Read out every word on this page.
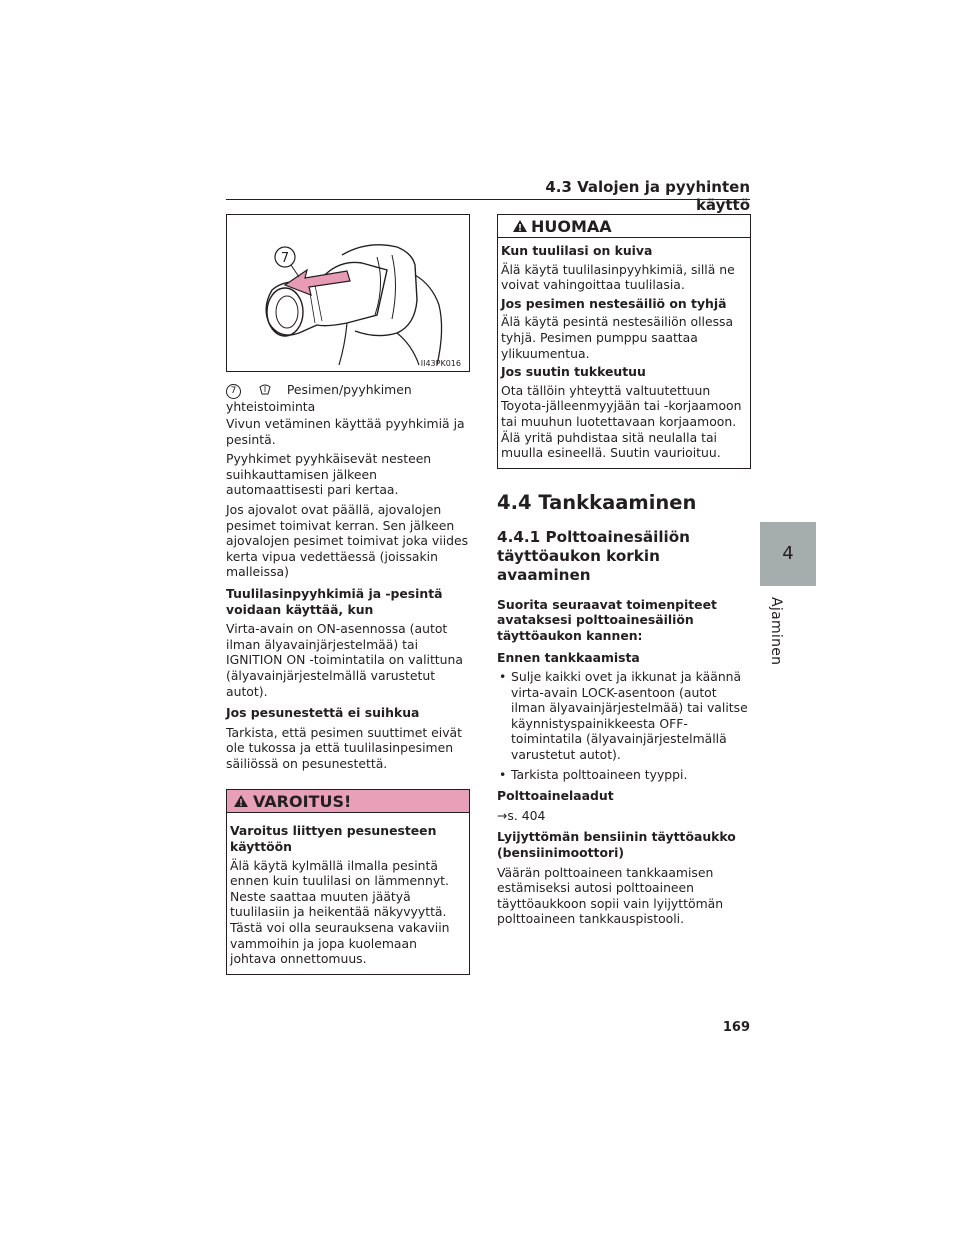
4.3 Valojen ja pyyhinten käyttö
4
Ajaminen
7
II43PK016
7	Pesimen/pyyhkimen yhteistoiminta

Vivun vetäminen käyttää pyyhkimiä ja pesintä.

Pyyhkimet pyyhkäisevät nesteen suihkauttamisen jälkeen automaattisesti pari kertaa.

Jos ajovalot ovat päällä, ajovalojen pesimet toimivat kerran. Sen jälkeen ajovalojen pesimet toimivat joka viides kerta vipua vedettäessä (joissakin malleissa)

Tuulilasinpyyhkimiä ja -pesintä voidaan käyttää, kun

Virta-avain on ON-asennossa (autot ilman älyavainjärjestelmää) tai IGNITION ON -toimintatila on valittuna (älyavainjärjestelmällä varustetut autot).

Jos pesunestettä ei suihkua

Tarkista, että pesimen suuttimet eivät ole tukossa ja että tuulilasinpesimen säiliössä on pesunestettä.

VAROITUS!

Varoitus liittyen pesunesteen käyttöön

Älä käytä kylmällä ilmalla pesintä ennen kuin tuulilasi on lämmennyt. Neste saattaa muuten jäätyä tuulilasiin ja heikentää näkyvyyttä. Tästä voi olla seurauksena vakaviin vammoihin ja jopa kuolemaan johtava onnettomuus.

HUOMAA

Kun tuulilasi on kuiva

Älä käytä tuulilasinpyyhkimiä, sillä ne voivat vahingoittaa tuulilasia.

Jos pesimen nestesäiliö on tyhjä

Älä käytä pesintä nestesäiliön ollessa tyhjä. Pesimen pumppu saattaa ylikuumentua.

Jos suutin tukkeutuu

Ota tällöin yhteyttä valtuutettuun Toyota-jälleenmyyjään tai -korjaamoon tai muuhun luotettavaan korjaamoon. Älä yritä puhdistaa sitä neulalla tai muulla esineellä. Suutin vaurioituu.

4.4 Tankkaaminen
4.4.1 Polttoainesäiliön täyttöaukon korkin avaaminen

Suorita seuraavat toimenpiteet avataksesi polttoainesäiliön täyttöaukon kannen:

Ennen tankkaamista

• Sulje kaikki ovet ja ikkunat ja käännä virta-avain LOCK-asentoon (autot ilman älyavainjärjestelmää) tai valitse käynnistyspainikkeesta OFF-toimintatila (älyavainjärjestelmällä varustetut autot).
• Tarkista polttoaineen tyyppi.

Polttoainelaadut

→s. 404

Lyijyttömän bensiinin täyttöaukko (bensiinimoottori)

Väärän polttoaineen tankkaamisen estämiseksi autosi polttoaineen täyttöaukkoon sopii vain lyijyttömän polttoaineen tankkauspistooli.

169
